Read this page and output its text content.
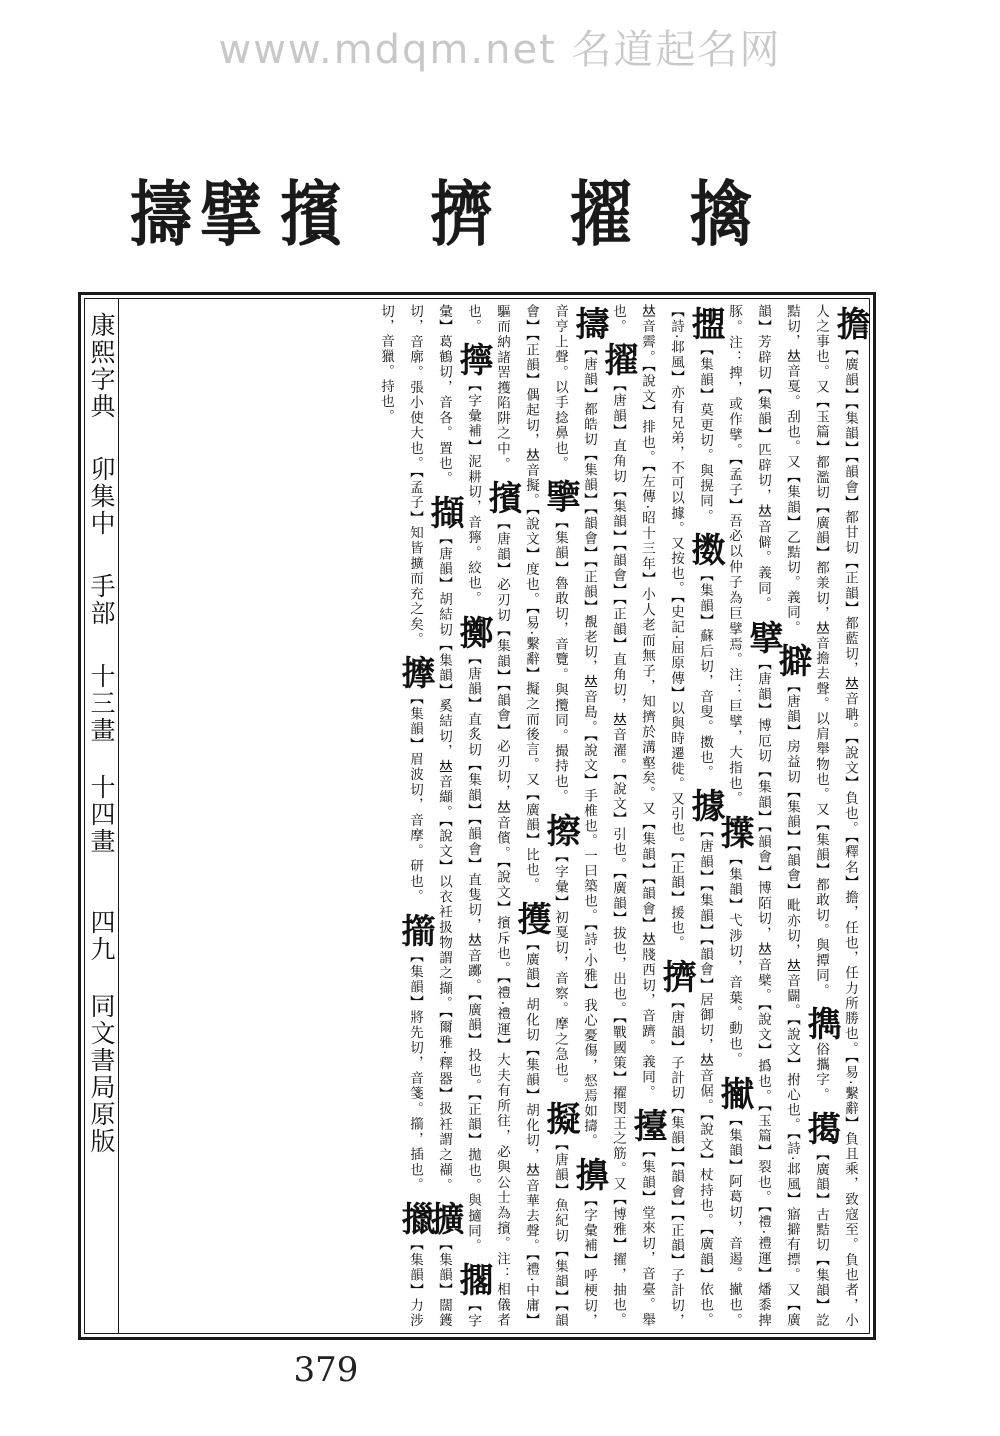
www.mdqm.net 名道起名网
擒
擢
擠
擯
擘
擣
康熙字典 卯集中 手部 十三畫 十四畫 四九 同文書局原版
擔【廣韻】【集韻】【韻會】都甘切【正韻】都藍切，𠀤音聃。【說文】負也。【釋名】擔，任也，任力所勝也。【易·繫辭】負且乘，致寇至。負也者，小人之事也。又【玉篇】都濫切【廣韻】都𣴎切，𠀤音擔去聲。以肩舉物也。又【集韻】都敢切。與撢同。 擕俗攜字。 擖【廣韻】古黠切【集韻】訖黠切，𠀤音戛。刮也。又【集韻】乙黠切。義同。 擗【唐韻】房益切【集韻】【韻會】毗亦切，𠀤音闢。【說文】拊心也。【詩·邶風】寤擗有摽。又【廣韻】芳辟切【集韻】匹辟切，𠀤音僻。義同。 擘【唐韻】博厄切【集韻】【韻會】博陌切，𠀤音檗。【說文】撝也。【玉篇】裂也。【禮·禮運】燔黍捭豚。注：捭，或作擘。【孟子】吾必以仲子為巨擘焉。注：巨擘，大指也。 擛【集韻】弋涉切，音葉。動也。 擜【集韻】阿葛切，音遏。擜也。 擝【集韻】莫更切。與㨪同。 擞【集韻】蘇后切，音叟。擞也。 據【唐韻】【集韻】【韻會】居御切，𠀤音倨。【說文】杖持也。【廣韻】依也。【詩·邶風】亦有兄弟，不可以據。又按也。【史記·屈原傳】以與時遷徙。又引也。【正韻】援也。 擠【唐韻】子計切【集韻】【韻會】【正韻】子計切，𠀤音霽。【說文】排也。【左傳·昭十三年】小人老而無子，知擠於溝壑矣。又【集韻】【韻會】𠀤牋西切，音躋。義同。 擡【集韻】堂來切，音臺。舉也。 擢【唐韻】直角切【集韻】【韻會】【正韻】直角切，𠀤音濯。【說文】引也。【廣韻】拔也，出也。【戰國策】擢閔王之筋。又【博雅】擢，抽也。 擣【唐韻】都皓切【集韻】【韻會】【正韻】覩老切，𠀤音島。【說文】手椎也。一曰築也。【詩·小雅】我心憂傷，惄焉如擣。 擤【字彙補】呼梗切，音亨上聲。以手捻鼻也。 擥【集韻】魯敢切，音覽。與攬同。撮持也。 擦【字彙】初戛切，音察。摩之急也。 擬【唐韻】魚紀切【集韻】【韻會】【正韻】偶起切，𠀤音擬。【說文】度也。【易·繫辭】擬之而後言。又【廣韻】比也。 擭【廣韻】胡化切【集韻】胡化切，𠀤音華去聲。【禮·中庸】驅而納諸罟擭陷阱之中。 擯【唐韻】必刃切【集韻】【韻會】必刃切，𠀤音儐。【說文】擯斥也。【禮·禮運】大夫有所往，必與公士為擯。注：相儀者也。 擰【字彙補】泥耕切，音獰。絞也。 擲【唐韻】直炙切【集韻】【韻會】直隻切，𠀤音躑。【廣韻】投也。【正韻】拋也。與擿同。 擱【字彙】葛鶴切，音各。置也。 擷【唐韻】胡結切【集韻】奚結切，𠀤音纈。【說文】以衣衽扱物謂之擷。【爾雅·釋器】扱衽謂之襭。 擴【集韻】闊鑊切，音廓。張小使大也。【孟子】知皆擴而充之矣。 擵【集韻】眉波切，音摩。研也。 擶【集韻】將先切，音箋。擶，插也。 擸【集韻】力涉切，音獵。持也。
379
